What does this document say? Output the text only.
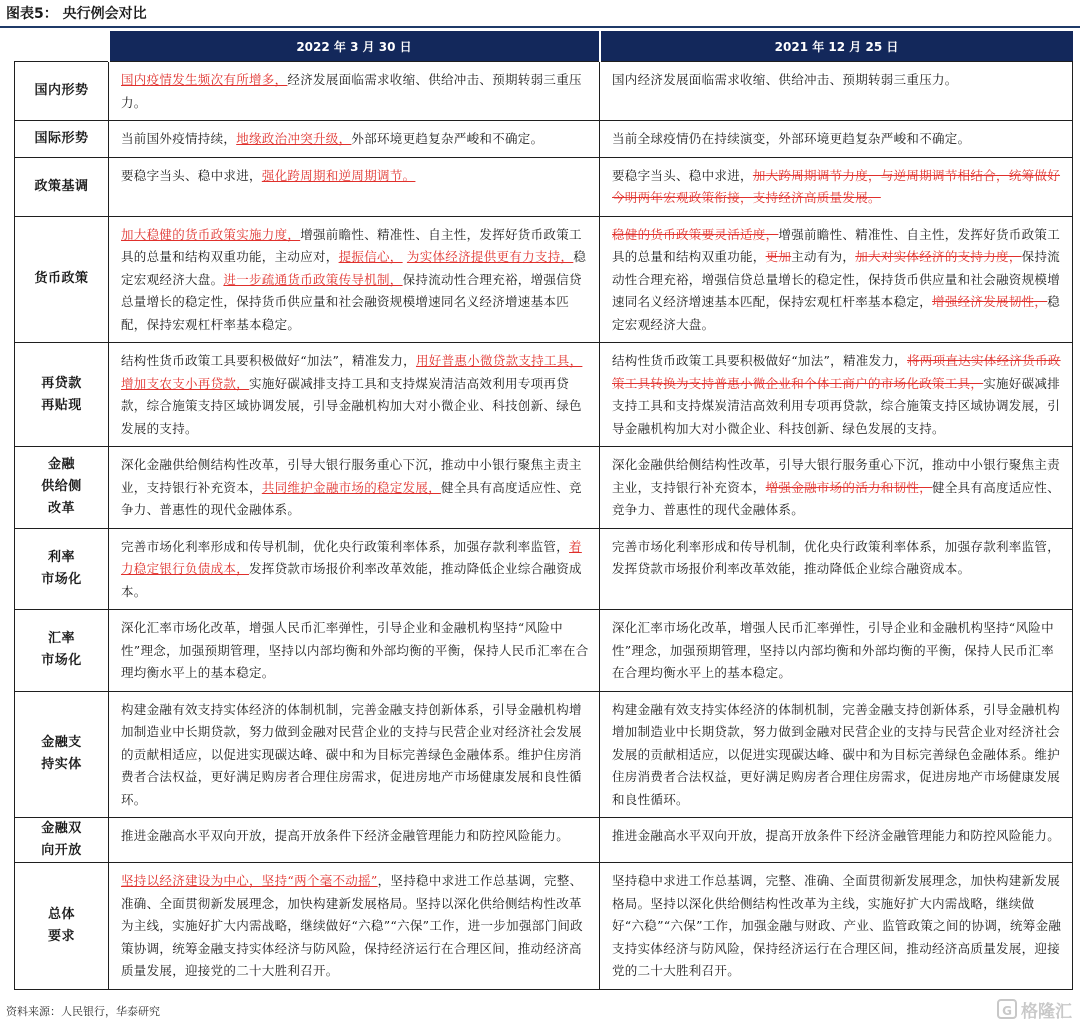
图表5： 央行例会对比
	2022 年 3 月 30 日	2021 年 12 月 25 日
国内形势	国内疫情发生频次有所增多，经济发展面临需求收缩、供给冲击、预期转弱三重压力。	国内经济发展面临需求收缩、供给冲击、预期转弱三重压力。
国际形势	当前国外疫情持续，地缘政治冲突升级，外部环境更趋复杂严峻和不确定。	当前全球疫情仍在持续演变，外部环境更趋复杂严峻和不确定。
政策基调	要稳字当头、稳中求进，强化跨周期和逆周期调节。	要稳字当头、稳中求进，加大跨周期调节力度，与逆周期调节相结合，统筹做好今明两年宏观政策衔接，支持经济高质量发展。
货币政策	加大稳健的货币政策实施力度，增强前瞻性、精准性、自主性，发挥好货币政策工具的总量和结构双重功能，主动应对，提振信心， 为实体经济提供更有力支持，稳定宏观经济大盘。进一步疏通货币政策传导机制，保持流动性合理充裕，增强信贷总量增长的稳定性，保持货币供应量和社会融资规模增速同名义经济增速基本匹配，保持宏观杠杆率基本稳定。	稳健的货币政策要灵活适度，增强前瞻性、精准性、自主性，发挥好货币政策工具的总量和结构双重功能，更加主动有为，加大对实体经济的支持力度，保持流动性合理充裕，增强信贷总量增长的稳定性，保持货币供应量和社会融资规模增速同名义经济增速基本匹配，保持宏观杠杆率基本稳定，增强经济发展韧性，稳定宏观经济大盘。
再贷款
再贴现	结构性货币政策工具要积极做好“加法”，精准发力，用好普惠小微贷款支持工具，增加支农支小再贷款，实施好碳减排支持工具和支持煤炭清洁高效利用专项再贷款，综合施策支持区域协调发展，引导金融机构加大对小微企业、科技创新、绿色发展的支持。	结构性货币政策工具要积极做好“加法”，精准发力，将两项直达实体经济货币政策工具转换为支持普惠小微企业和个体工商户的市场化政策工具，实施好碳减排支持工具和支持煤炭清洁高效利用专项再贷款，综合施策支持区域协调发展，引导金融机构加大对小微企业、科技创新、绿色发展的支持。
金融
供给侧
改革	深化金融供给侧结构性改革，引导大银行服务重心下沉，推动中小银行聚焦主责主业，支持银行补充资本，共同维护金融市场的稳定发展，健全具有高度适应性、竞争力、普惠性的现代金融体系。	深化金融供给侧结构性改革，引导大银行服务重心下沉，推动中小银行聚焦主责主业，支持银行补充资本，增强金融市场的活力和韧性，健全具有高度适应性、竞争力、普惠性的现代金融体系。
利率
市场化	完善市场化利率形成和传导机制，优化央行政策利率体系，加强存款利率监管，着力稳定银行负债成本，发挥贷款市场报价利率改革效能，推动降低企业综合融资成本。	完善市场化利率形成和传导机制，优化央行政策利率体系，加强存款利率监管，发挥贷款市场报价利率改革效能，推动降低企业综合融资成本。
汇率
市场化	深化汇率市场化改革，增强人民币汇率弹性，引导企业和金融机构坚持“风险中性”理念，加强预期管理，坚持以内部均衡和外部均衡的平衡，保持人民币汇率在合理均衡水平上的基本稳定。	深化汇率市场化改革，增强人民币汇率弹性，引导企业和金融机构坚持“风险中性”理念，加强预期管理，坚持以内部均衡和外部均衡的平衡，保持人民币汇率在合理均衡水平上的基本稳定。
金融支
持实体	构建金融有效支持实体经济的体制机制，完善金融支持创新体系，引导金融机构增加制造业中长期贷款，努力做到金融对民营企业的支持与民营企业对经济社会发展的贡献相适应，以促进实现碳达峰、碳中和为目标完善绿色金融体系。维护住房消费者合法权益，更好满足购房者合理住房需求，促进房地产市场健康发展和良性循环。	构建金融有效支持实体经济的体制机制，完善金融支持创新体系，引导金融机构增加制造业中长期贷款，努力做到金融对民营企业的支持与民营企业对经济社会发展的贡献相适应，以促进实现碳达峰、碳中和为目标完善绿色金融体系。维护住房消费者合法权益，更好满足购房者合理住房需求，促进房地产市场健康发展和良性循环。
金融双
向开放	推进金融高水平双向开放，提高开放条件下经济金融管理能力和防控风险能力。	推进金融高水平双向开放，提高开放条件下经济金融管理能力和防控风险能力。
总体
要求	坚持以经济建设为中心，坚持“两个毫不动摇”，坚持稳中求进工作总基调，完整、准确、全面贯彻新发展理念，加快构建新发展格局。坚持以深化供给侧结构性改革为主线，实施好扩大内需战略，继续做好“六稳”“六保”工作，进一步加强部门间政策协调，统筹金融支持实体经济与防风险，保持经济运行在合理区间，推动经济高质量发展，迎接党的二十大胜利召开。	坚持稳中求进工作总基调，完整、准确、全面贯彻新发展理念，加快构建新发展格局。坚持以深化供给侧结构性改革为主线，实施好扩大内需战略，继续做好“六稳”“六保”工作，加强金融与财政、产业、监管政策之间的协调，统筹金融支持实体经济与防风险，保持经济运行在合理区间，推动经济高质量发展，迎接党的二十大胜利召开。
资料来源：人民银行，华泰研究	G 格隆汇
